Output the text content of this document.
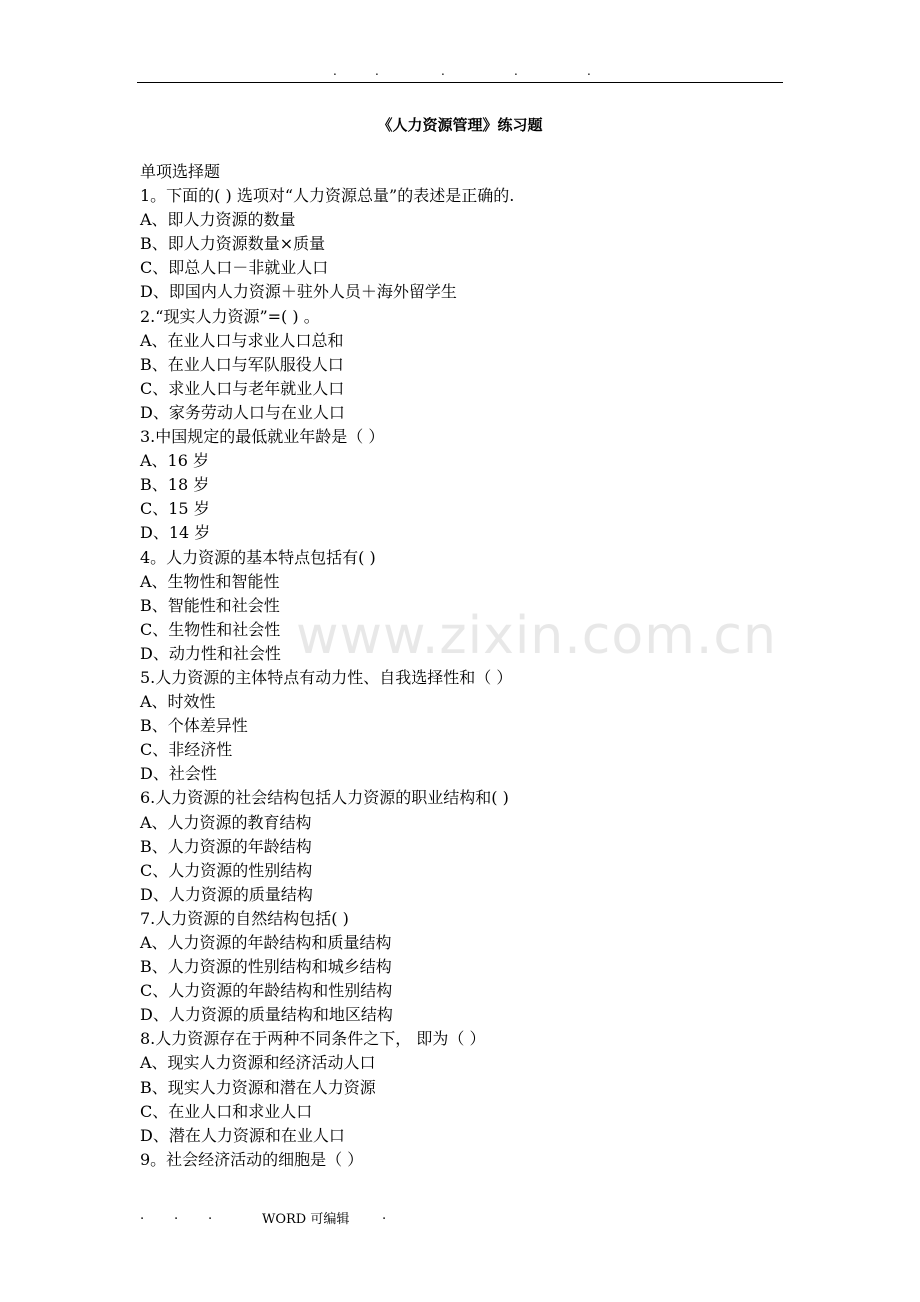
.	.	.	.	.
《人力资源管理》练习题
www.zixin.com.cn
单项选择题
1。下面的( ) 选项对“人力资源总量”的表述是正确的.
A、即人力资源的数量
B、即人力资源数量×质量
C、即总人口－非就业人口
D、即国内人力资源＋驻外人员＋海外留学生
2.“现实人力资源”=( ) 。
A、在业人口与求业人口总和
B、在业人口与军队服役人口
C、求业人口与老年就业人口
D、家务劳动人口与在业人口
3.中国规定的最低就业年龄是（ ）
A、16 岁
B、18 岁
C、15 岁
D、14 岁
4。人力资源的基本特点包括有( )
A、生物性和智能性
B、智能性和社会性
C、生物性和社会性
D、动力性和社会性
5.人力资源的主体特点有动力性、自我选择性和（ ）
A、时效性
B、个体差异性
C、非经济性
D、社会性
6.人力资源的社会结构包括人力资源的职业结构和( )
A、人力资源的教育结构
B、人力资源的年龄结构
C、人力资源的性别结构
D、人力资源的质量结构
7.人力资源的自然结构包括( )
A、人力资源的年龄结构和质量结构
B、人力资源的性别结构和城乡结构
C、人力资源的年龄结构和性别结构
D、人力资源的质量结构和地区结构
8.人力资源存在于两种不同条件之下， 即为（ ）
A、现实人力资源和经济活动人口
B、现实人力资源和潜在人力资源
C、在业人口和求业人口
D、潜在人力资源和在业人口
9。社会经济活动的细胞是（ ）
. . .	WORD 可编辑	.
